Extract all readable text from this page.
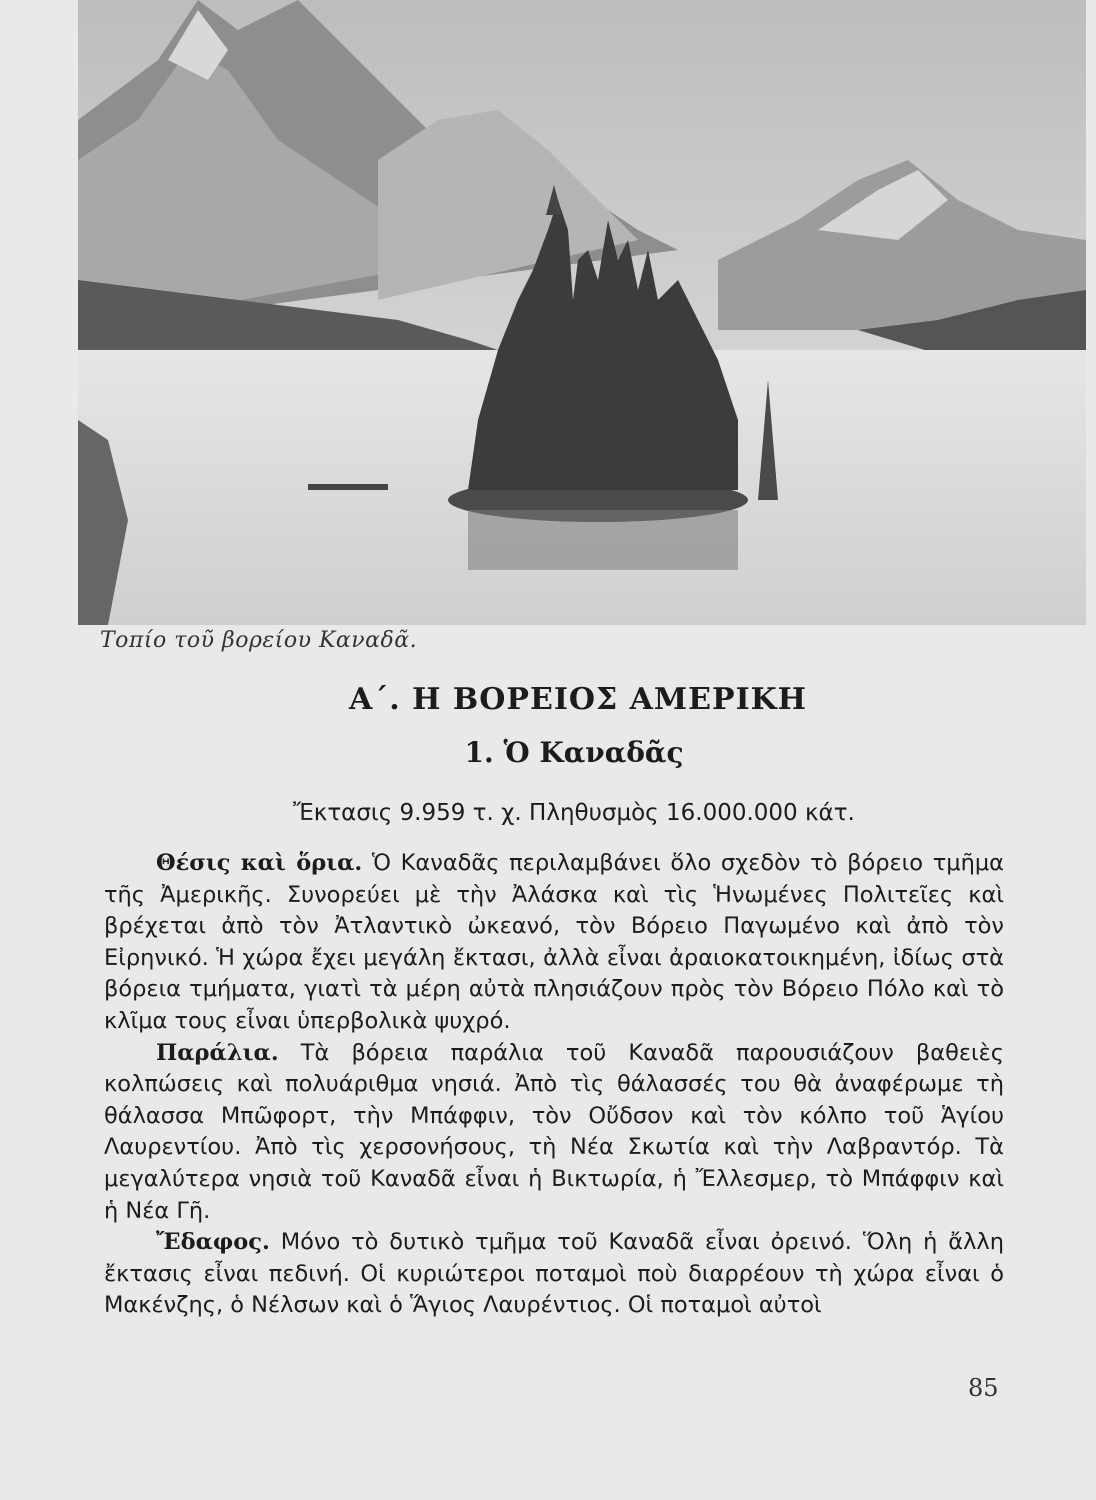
Τοπίο τοῦ βορείου Καναδᾶ.
Α΄. Η ΒΟΡΕΙΟΣ ΑΜΕΡΙΚΗ
1. Ὁ Καναδᾶς
Ἔκτασις 9.959 τ. χ. Πληθυσμὸς 16.000.000 κάτ.

Θέσις καὶ ὅρια. Ὁ Καναδᾶς περιλαμβάνει ὅλο σχεδὸν τὸ βόρειο τμῆμα τῆς Ἀμερικῆς. Συνορεύει μὲ τὴν Ἀλάσκα καὶ τὶς Ἡνωμένες Πολιτεῖες καὶ βρέχεται ἀπὸ τὸν Ἀτλαντικὸ ὠκεανό, τὸν Βόρειο Παγωμένο καὶ ἀπὸ τὸν Εἰρηνικό. Ἡ χώρα ἔχει μεγάλη ἔκτασι, ἀλλὰ εἶναι ἀραιοκατοικημένη, ἰδίως στὰ βόρεια τμήματα, γιατὶ τὰ μέρη αὐτὰ πλησιάζουν πρὸς τὸν Βόρειο Πόλο καὶ τὸ κλῖμα τους εἶναι ὑπερβολικὰ ψυχρό.

Παράλια. Τὰ βόρεια παράλια τοῦ Καναδᾶ παρουσιάζουν βαθειὲς κολπώσεις καὶ πολυάριθμα νησιά. Ἀπὸ τὶς θάλασσές του θὰ ἀναφέρωμε τὴ θάλασσα Μπῶφορτ, τὴν Μπάφφιν, τὸν Οὔδσον καὶ τὸν κόλπο τοῦ Ἁγίου Λαυρεντίου. Ἀπὸ τὶς χερσονήσους, τὴ Νέα Σκωτία καὶ τὴν Λαβραντόρ. Τὰ μεγαλύτερα νησιὰ τοῦ Καναδᾶ εἶναι ἡ Βικτωρία, ἡ Ἔλλεσμερ, τὸ Μπάφφιν καὶ ἡ Νέα Γῆ.

Ἔδαφος. Μόνο τὸ δυτικὸ τμῆμα τοῦ Καναδᾶ εἶναι ὀρεινό. Ὅλη ἡ ἄλλη ἔκτασις εἶναι πεδινή. Οἱ κυριώτεροι ποταμοὶ ποὺ διαρρέουν τὴ χώρα εἶναι ὁ Μακένζης, ὁ Νέλσων καὶ ὁ Ἅγιος Λαυρέντιος. Οἱ ποταμοὶ αὐτοὶ

85
